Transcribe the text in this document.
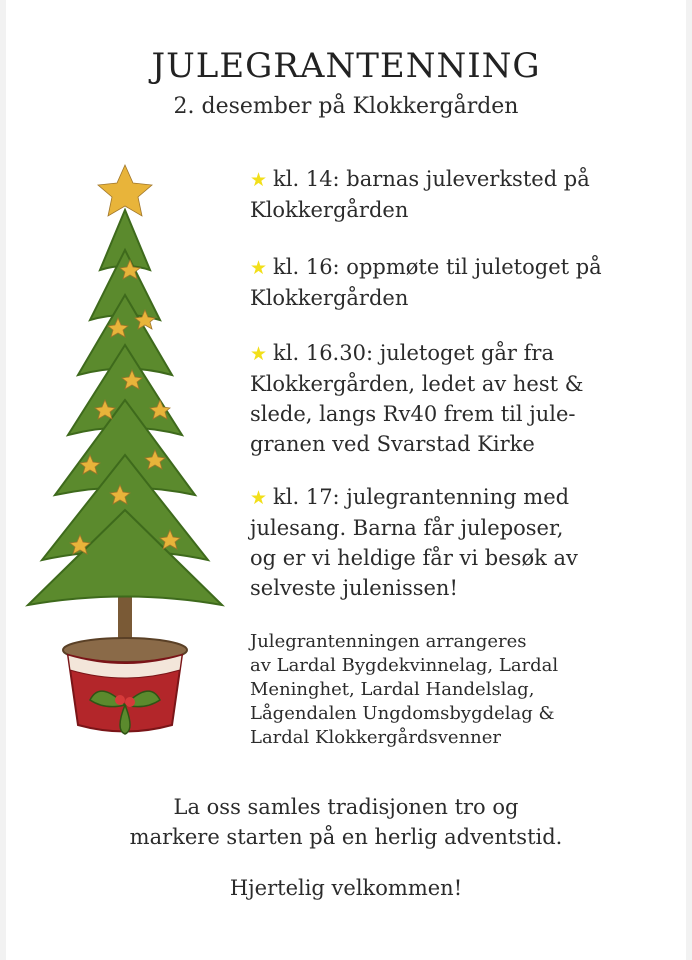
JULEGRANTENNING

2. desember på Klokkergården

★ kl. 14: barnas juleverksted på
Klokkergården

★ kl. 16: oppmøte til juletoget på
Klokkergården

★ kl. 16.30: juletoget går fra
Klokkergården, ledet av hest &
slede, langs Rv40 frem til jule-
granen ved Svarstad Kirke

★ kl. 17: julegrantenning med
julesang. Barna får juleposer,
og er vi heldige får vi besøk av
selveste julenissen!

Julegrantenningen arrangeres
av Lardal Bygdekvinnelag, Lardal
Meninghet, Lardal Handelslag,
Lågendalen Ungdomsbygdelag &
Lardal Klokkergårdsvenner

La oss samles tradisjonen tro og
markere starten på en herlig adventstid.

Hjertelig velkommen!
